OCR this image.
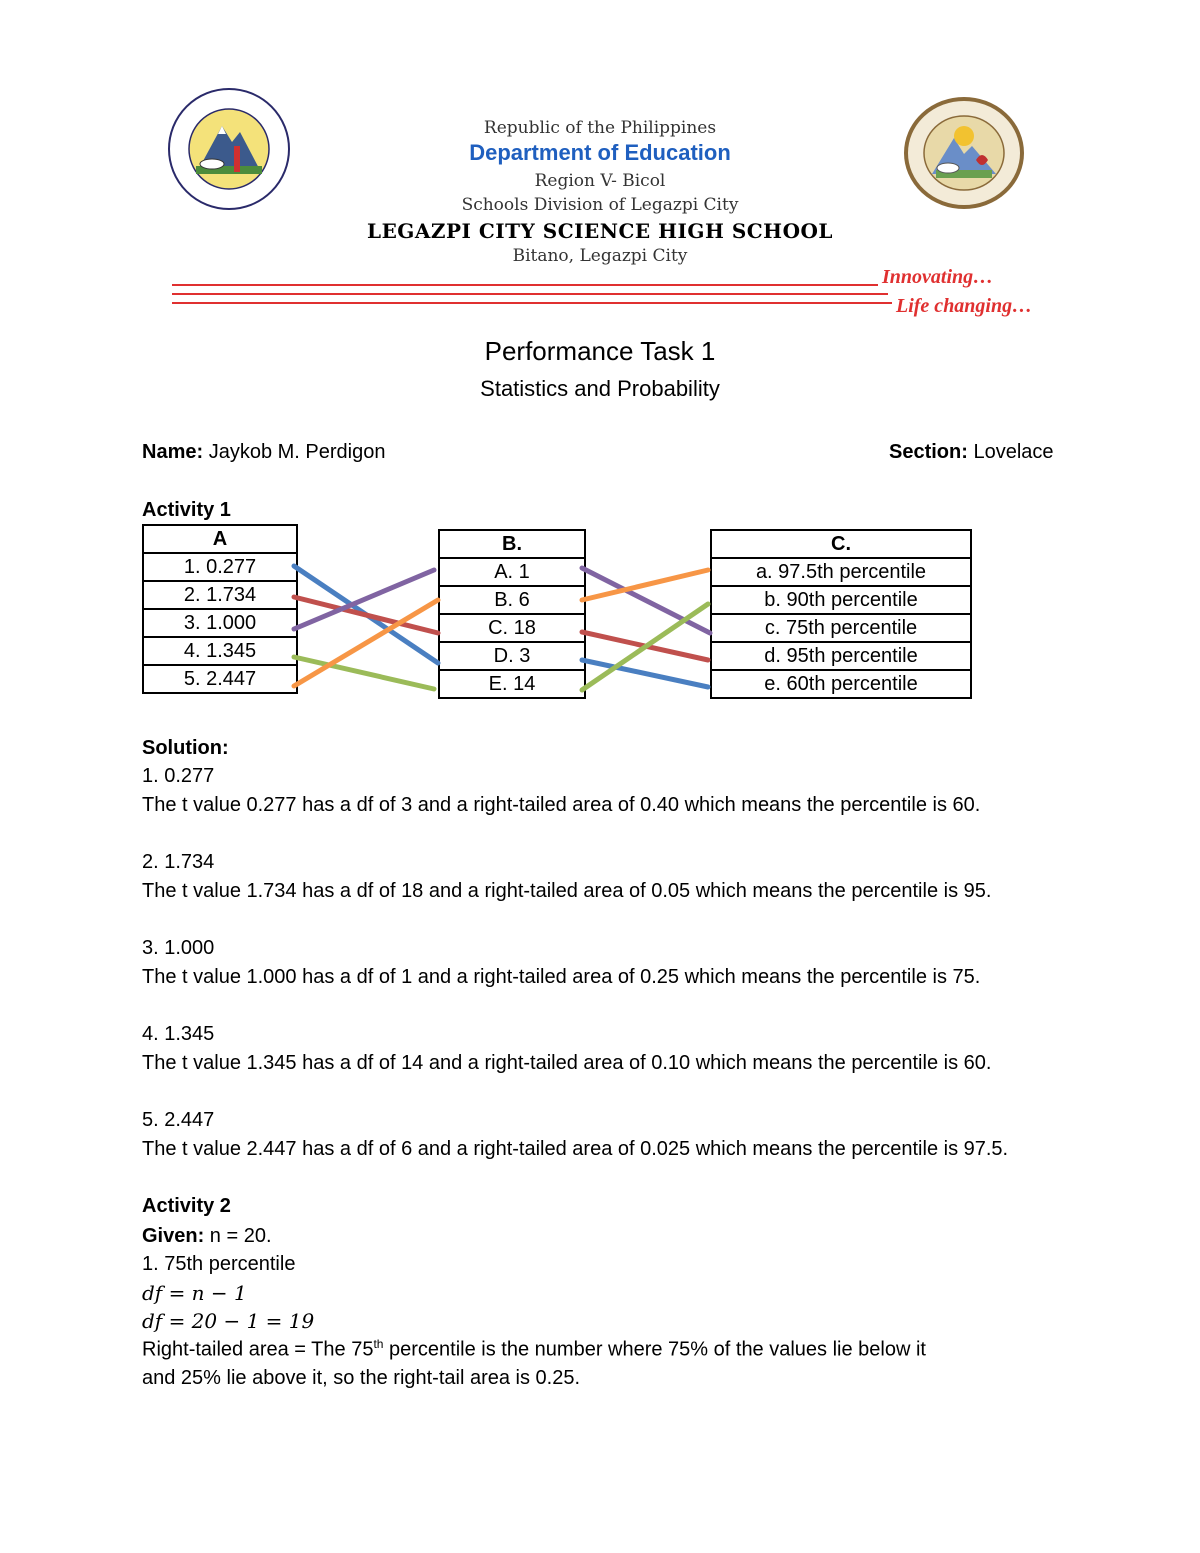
Republic of the Philippines
Department of Education
Region V- Bicol
Schools Division of Legazpi City
LEGAZPI CITY SCIENCE HIGH SCHOOL
Bitano, Legazpi City
Innovating…
Life changing…
Performance Task 1
Statistics and Probability
Name: Jaykob M. Perdigon	Section: Lovelace
Activity 1
A
1. 0.277
2. 1.734
3. 1.000
4. 1.345
5. 2.447
B.
A. 1
B. 6
C. 18
D. 3
E. 14
C.
a. 97.5th percentile
b. 90th percentile
c. 75th percentile
d. 95th percentile
e. 60th percentile
Solution:
1. 0.277
The t value 0.277 has a df of 3 and a right-tailed area of 0.40 which means the percentile is 60.
2. 1.734
The t value 1.734 has a df of 18 and a right-tailed area of 0.05 which means the percentile is 95.
3. 1.000
The t value 1.000 has a df of 1 and a right-tailed area of 0.25 which means the percentile is 75.
4. 1.345
The t value 1.345 has a df of 14 and a right-tailed area of 0.10 which means the percentile is 60.
5. 2.447
The t value 2.447 has a df of 6 and a right-tailed area of 0.025 which means the percentile is 97.5.
Activity 2
Given: n = 20.
1. 75th percentile
df = n − 1
df = 20 − 1 = 19
Right-tailed area = The 75th percentile is the number where 75% of the values lie below it
and 25% lie above it, so the right-tail area is 0.25.
